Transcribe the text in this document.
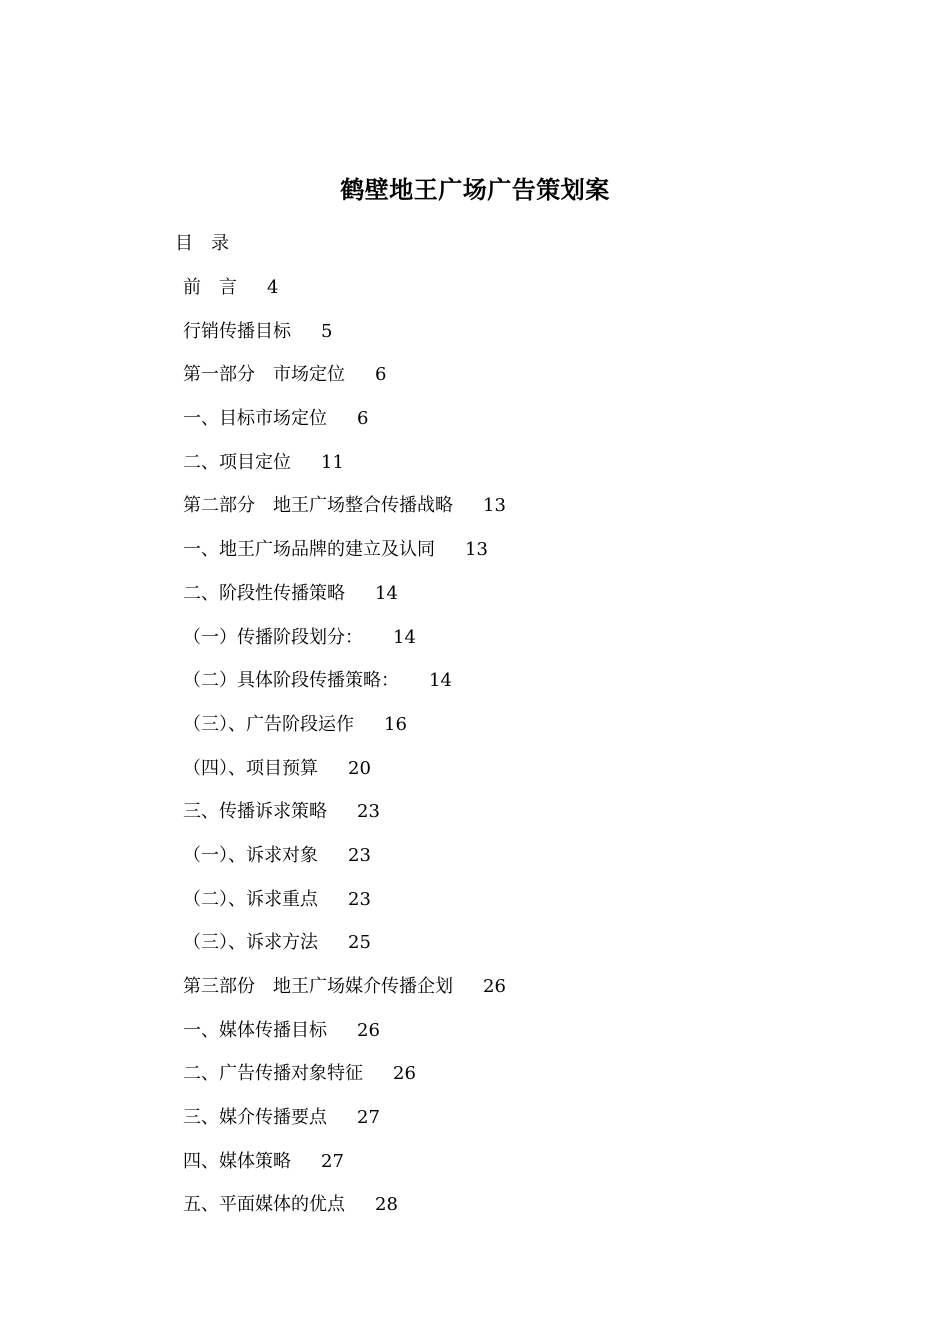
鹤壁地王广场广告策划案
目　录
前　言 4
行销传播目标 5
第一部分　市场定位 6
一、目标市场定位 6
二、项目定位 11
第二部分　地王广场整合传播战略 13
一、地王广场品牌的建立及认同 13
二、阶段性传播策略 14
（一）传播阶段划分： 14
（二）具体阶段传播策略： 14
（三）、广告阶段运作 16
（四）、项目预算 20
三、传播诉求策略 23
（一）、诉求对象 23
（二）、诉求重点 23
（三）、诉求方法 25
第三部份　地王广场媒介传播企划 26
一、媒体传播目标 26
二、广告传播对象特征 26
三、媒介传播要点 27
四、媒体策略 27
五、平面媒体的优点 28
